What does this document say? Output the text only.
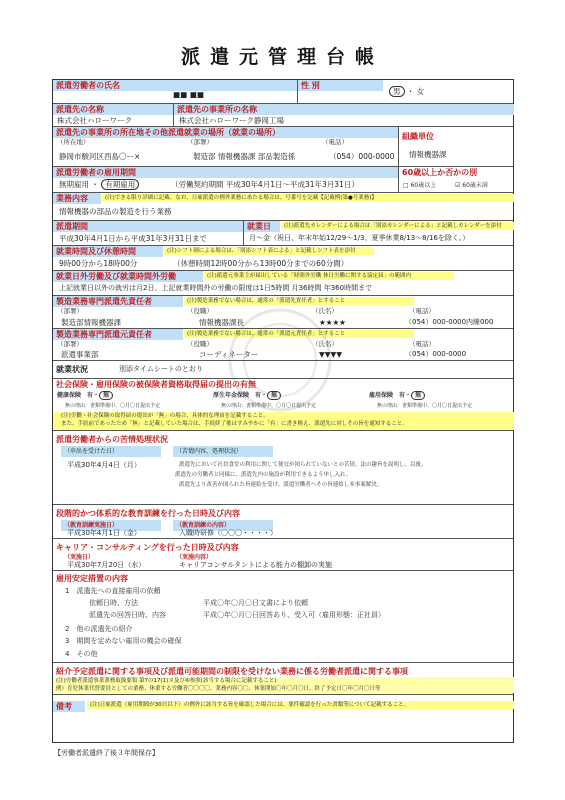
派遣元管理台帳
派遣労働者の氏名
■■ ■■
性 別
男 ・ 女
派遣先の名称
株式会社ハローワーク
派遣先の事業所の名称
株式会社ハローワーク静岡工場
派遣先の事業所の所在地その他派遣就業の場所（就業の場所）
（所在地）	（部署）	（電話）
静岡市駿河区西島〇ー×	製造部 情報機器課 部品製造係	（054）000-0000
組織単位
情報機器課
派遣労働者の雇用期間
無期雇用 ・ 有期雇用	（労働契約期間 平成30年4月1日～平成31年3月31日）
60歳以上か否かの別
□ 60歳以上	☑ 60歳未満
業務内容	(注)できる限り詳細に記載。なお、日雇派遣の例外業務にあたる場合は、号番号を記載【記載例(第●号業務)】
情報機器の部品の製造を行う業務
派遣期間
平成30年4月1日から平成31年3月31日まで
就業日	(注)派遣先カレンダーによる場合は「別添カレンダーによる」と記載しカレンダーを添付
月～金（祝日、年末年始12/29～1/3、夏季休業8/13～8/16を除く。）
就業時間及び休憩時間	(注)シフト制による場合は、「別添シフト表による」と記載しシフト表を添付
9時00分から18時00分	（休憩時間12時00分から13時00分までの60分間）
就業日外労働及び就業時間外労働	(注)派遣元事業主が届出している「時間外労働 休日労働に関する協定届」の範囲内
上記就業日以外の就労は月2日、上記就業時間外の労働の限度は1日5時間 月36時間 年360時間まで
製造業務専門派遣先責任者	(注)製造業務でない場合は、通常の「派遣先責任者」とすること
（部署）	（役職）	（氏名）	（電話）
製造部情報機器課	情報機器課長	★★★★	（054）000-0000内線000
製造業務専門派遣元責任者	(注)製造業務でない場合は、通常の「派遣元責任者」とすること
（部署）	（役職）	（氏名）	（電話）
派遣事業部	コーディネーター	▼▼▼▼	（054）000-0000
就業状況	別添タイムシートのとおり
社会保険・雇用保険の被保険者資格取得届の提出の有無
健康保険　 有・ 無	厚生年金保険　 有・ 無	雇用保険　 有・ 無
無の理由：書類準備中、〇月〇日提出予定	無の理由：書類準備中、〇月〇日提出予定	無の理由：書類準備中、〇月〇日提出予定
(注)労働・社会保険の取得届の提出が「無」の場合、具体的な理由を記載すること。
また、手続前であったため「無」と記載していた場合は、手続終了後はすみやかに「有」に書き換え、派遣先に対しその旨を通知すること。
派遣労働者からの苦情処理状況
（申出を受けた日）	（苦情内容、処理状況）
平成30年4月4日（月）	派遣先において社員食堂の利用に関して便宜が図られていないとの苦情。法の趣旨を説明し、以後、
派遣先の労働者と同様に、派遣先内の施設が利用できるよう申し入れ。
派遣先より改善が図られた旨連絡を受け、派遣労働者へその旨連絡し本事案解決。
段階的かつ体系的な教育訓練を行った日時及び内容
（教育訓練実施日）	（教育訓練の内容）
平成30年4月1日（金）	入職時研修（〇〇〇・・・・）
キャリア・コンサルティングを行った日時及び内容
（実施日）	（実施内容）
平成30年7月20日（水）	キャリアコンサルタントによる能力の棚卸の実施
雇用安定措置の内容
1　派遣先への直接雇用の依頼
依頼日時、方法	平成〇年〇月〇日文書により依頼
派遣先の回答日時、内容	平成〇年〇月〇日回答あり、受入可（雇用形態：正社員）
2　他の派遣先の紹介
3　期間を定めない雇用の機会の確保
4　その他
紹介予定派遣に関する事項及び派遣可能期間の制限を受けない業務に係る労働者派遣に関する事項
(注)労働者派遣事業業務取扱要領 第7の17(1)ヌ及び⑥参照(該当する場合に記載すること)
例）育児休業代替要員としての業務、休業する労働者〇〇〇〇、業務内容〇〇、休業開始〇年〇月〇日、終了予定日〇年〇月〇日等
備考	(注)日雇派遣（雇用期間が30日以下）の例外に該当する旨を確認した場合には、要件確認を行った書類等について記載すること。
【労働者派遣終了後３年間保存】
